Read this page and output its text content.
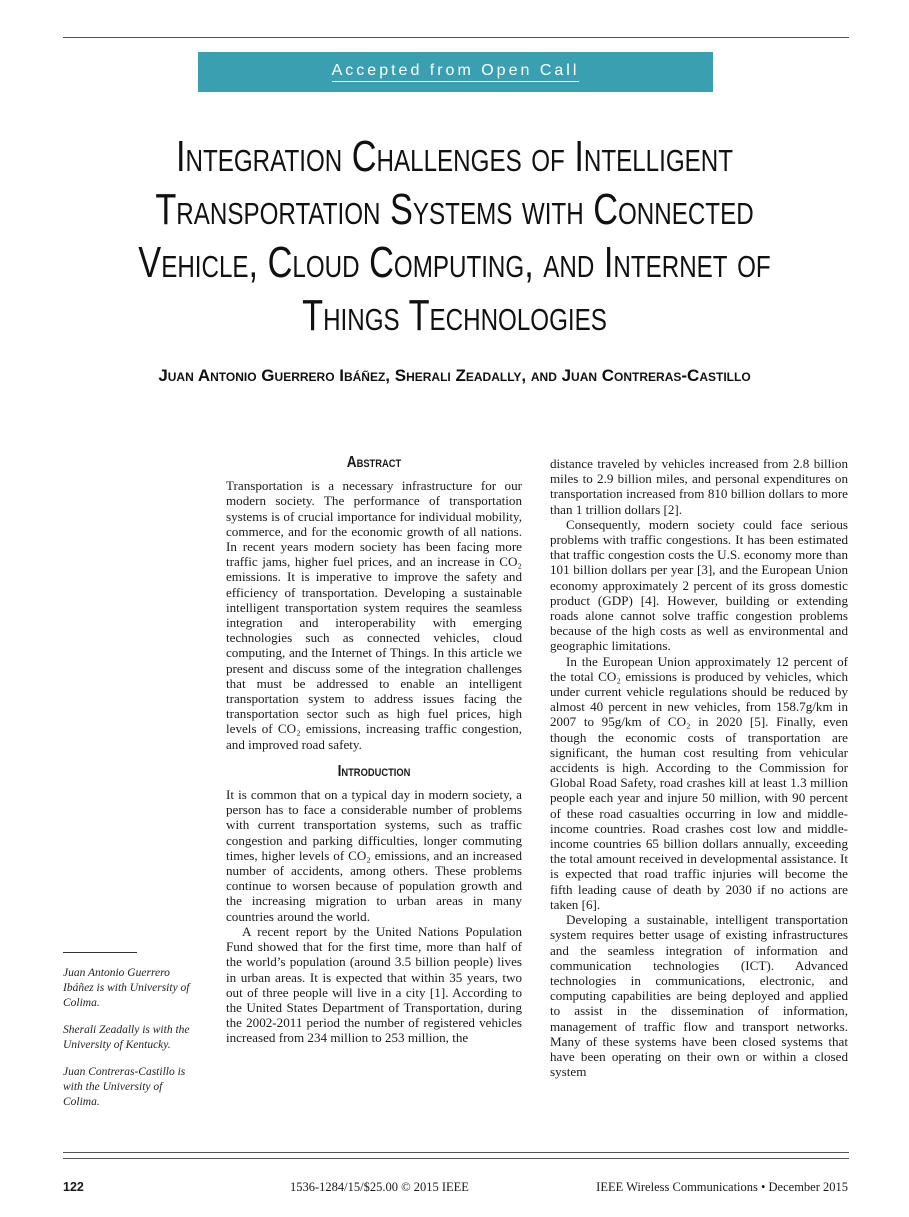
Accepted from Open Call
Integration Challenges of Intelligent Transportation Systems with Connected Vehicle, Cloud Computing, and Internet of Things Technologies
Juan Antonio Guerrero Ibáñez, Sherali Zeadally, and Juan Contreras-Castillo
Abstract

Transportation is a necessary infrastructure for our modern society. The performance of transportation systems is of crucial importance for individual mobility, commerce, and for the economic growth of all nations. In recent years modern society has been facing more traffic jams, higher fuel prices, and an increase in CO₂ emissions. It is imperative to improve the safety and efficiency of transportation. Developing a sustainable intelligent transportation system requires the seamless integration and interoperability with emerging technologies such as connected vehicles, cloud computing, and the Internet of Things. In this article we present and discuss some of the integration challenges that must be addressed to enable an intelligent transportation system to address issues facing the transportation sector such as high fuel prices, high levels of CO₂ emissions, increasing traffic congestion, and improved road safety.

Introduction

It is common that on a typical day in modern society, a person has to face a considerable number of problems with current transportation systems, such as traffic congestion and parking difficulties, longer commuting times, higher levels of CO₂ emissions, and an increased number of accidents, among others. These problems continue to worsen because of population growth and the increasing migration to urban areas in many countries around the world.

A recent report by the United Nations Population Fund showed that for the first time, more than half of the world’s population (around 3.5 billion people) lives in urban areas. It is expected that within 35 years, two out of three people will live in a city [1]. According to the United States Department of Transportation, during the 2002-2011 period the number of registered vehicles increased from 234 million to 253 million, the

distance traveled by vehicles increased from 2.8 billion miles to 2.9 billion miles, and personal expenditures on transportation increased from 810 billion dollars to more than 1 trillion dollars [2].

Consequently, modern society could face serious problems with traffic congestions. It has been estimated that traffic congestion costs the U.S. economy more than 101 billion dollars per year [3], and the European Union economy approximately 2 percent of its gross domestic product (GDP) [4]. However, building or extending roads alone cannot solve traffic congestion problems because of the high costs as well as environmental and geographic limitations.

In the European Union approximately 12 percent of the total CO₂ emissions is produced by vehicles, which under current vehicle regulations should be reduced by almost 40 percent in new vehicles, from 158.7g/km in 2007 to 95g/km of CO₂ in 2020 [5]. Finally, even though the economic costs of transportation are significant, the human cost resulting from vehicular accidents is high. According to the Commission for Global Road Safety, road crashes kill at least 1.3 million people each year and injure 50 million, with 90 percent of these road casualties occurring in low and middle-income countries. Road crashes cost low and middle-income countries 65 billion dollars annually, exceeding the total amount received in developmental assistance. It is expected that road traffic injuries will become the fifth leading cause of death by 2030 if no actions are taken [6].

Developing a sustainable, intelligent transportation system requires better usage of existing infrastructures and the seamless integration of information and communication technologies (ICT). Advanced technologies in communications, electronic, and computing capabilities are being deployed and applied to assist in the dissemination of information, management of traffic flow and transport networks. Many of these systems have been closed systems that have been operating on their own or within a closed system

Juan Antonio Guerrero Ibáñez is with University of Colima.

Sherali Zeadally is with the University of Kentucky.

Juan Contreras-Castillo is with the University of Colima.

122	1536-1284/15/$25.00 © 2015 IEEE	IEEE Wireless Communications • December 2015
